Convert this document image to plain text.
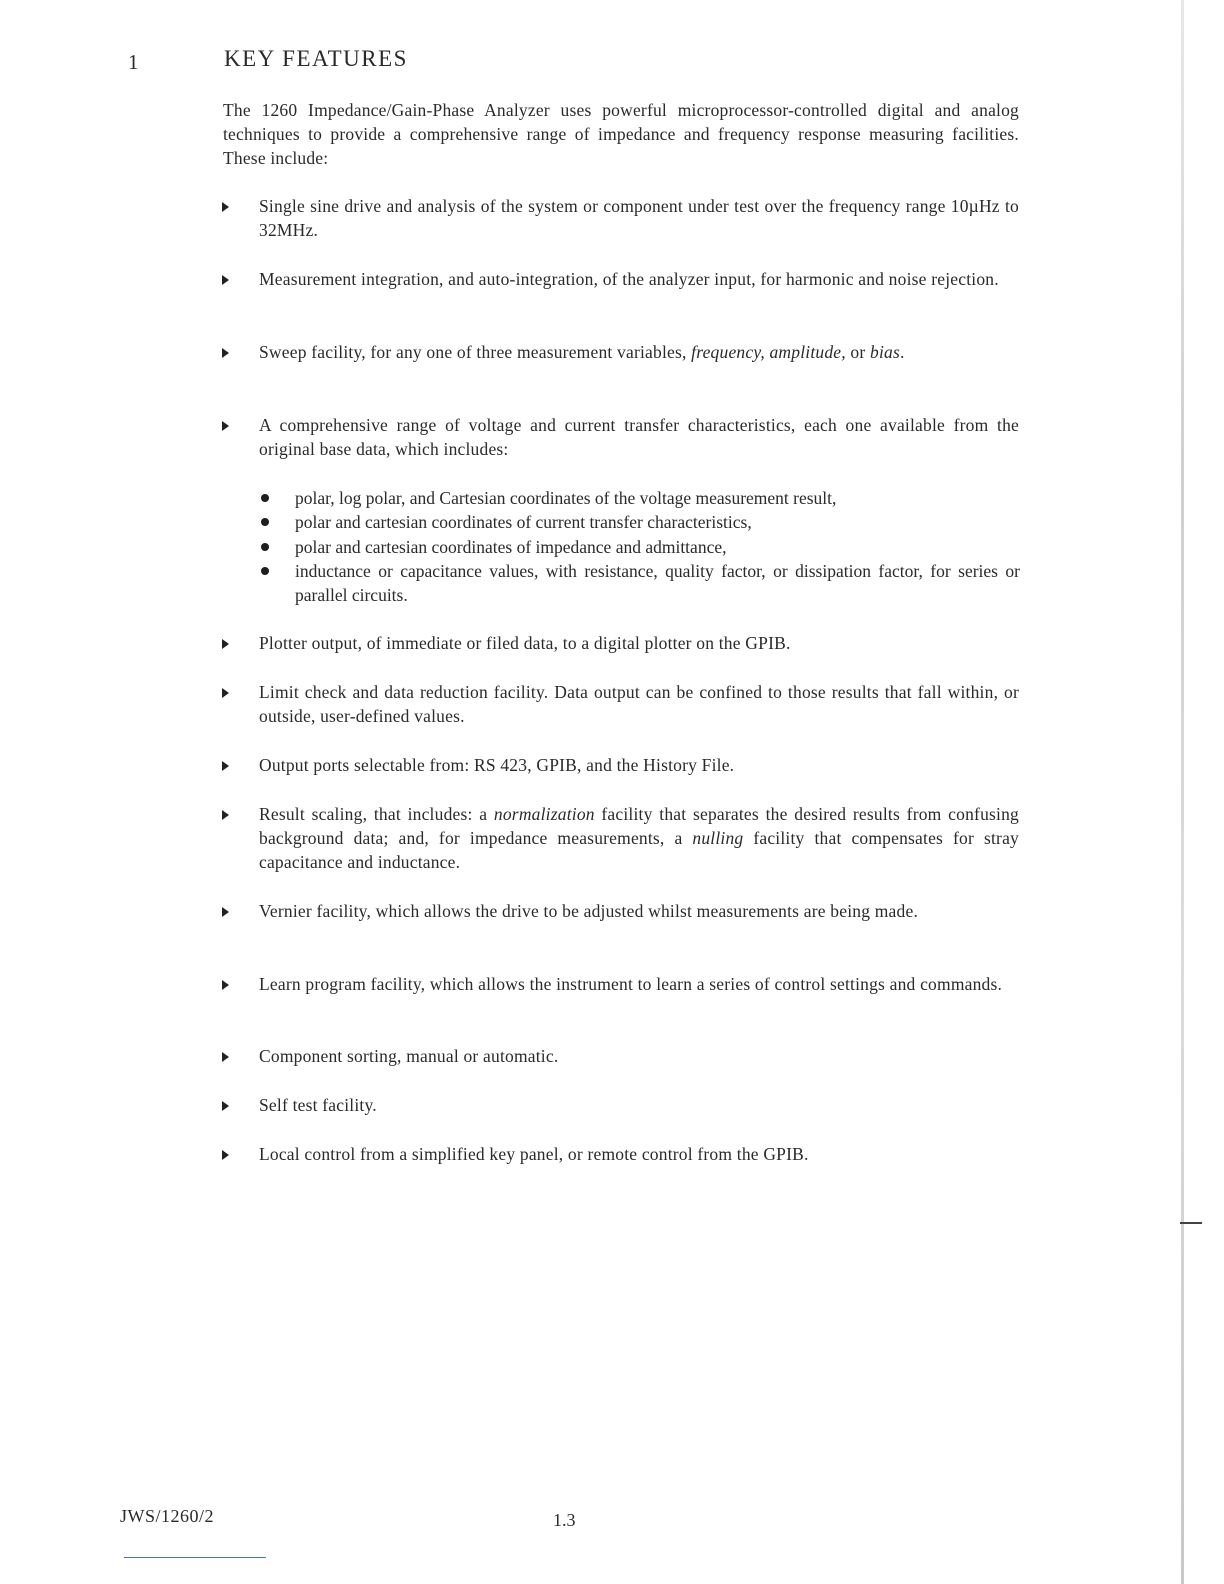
1	KEY FEATURES
The 1260 Impedance/Gain-Phase Analyzer uses powerful microprocessor-controlled digital and analog techniques to provide a comprehensive range of impedance and frequency response measuring facilities. These include:
Single sine drive and analysis of the system or component under test over the frequency range 10µHz to 32MHz.
Measurement integration, and auto-integration, of the analyzer input, for harmonic and noise rejection.
Sweep facility, for any one of three measurement variables, frequency, amplitude, or bias.
A comprehensive range of voltage and current transfer characteristics, each one available from the original base data, which includes:
polar, log polar, and Cartesian coordinates of the voltage measurement result,
polar and cartesian coordinates of current transfer characteristics,
polar and cartesian coordinates of impedance and admittance,
inductance or capacitance values, with resistance, quality factor, or dissipation factor, for series or parallel circuits.
Plotter output, of immediate or filed data, to a digital plotter on the GPIB.
Limit check and data reduction facility. Data output can be confined to those results that fall within, or outside, user-defined values.
Output ports selectable from: RS 423, GPIB, and the History File.
Result scaling, that includes: a normalization facility that separates the desired results from confusing background data; and, for impedance measurements, a nulling facility that compensates for stray capacitance and inductance.
Vernier facility, which allows the drive to be adjusted whilst measurements are being made.
Learn program facility, which allows the instrument to learn a series of control settings and commands.
Component sorting, manual or automatic.
Self test facility.
Local control from a simplified key panel, or remote control from the GPIB.
JWS/1260/2	1.3
